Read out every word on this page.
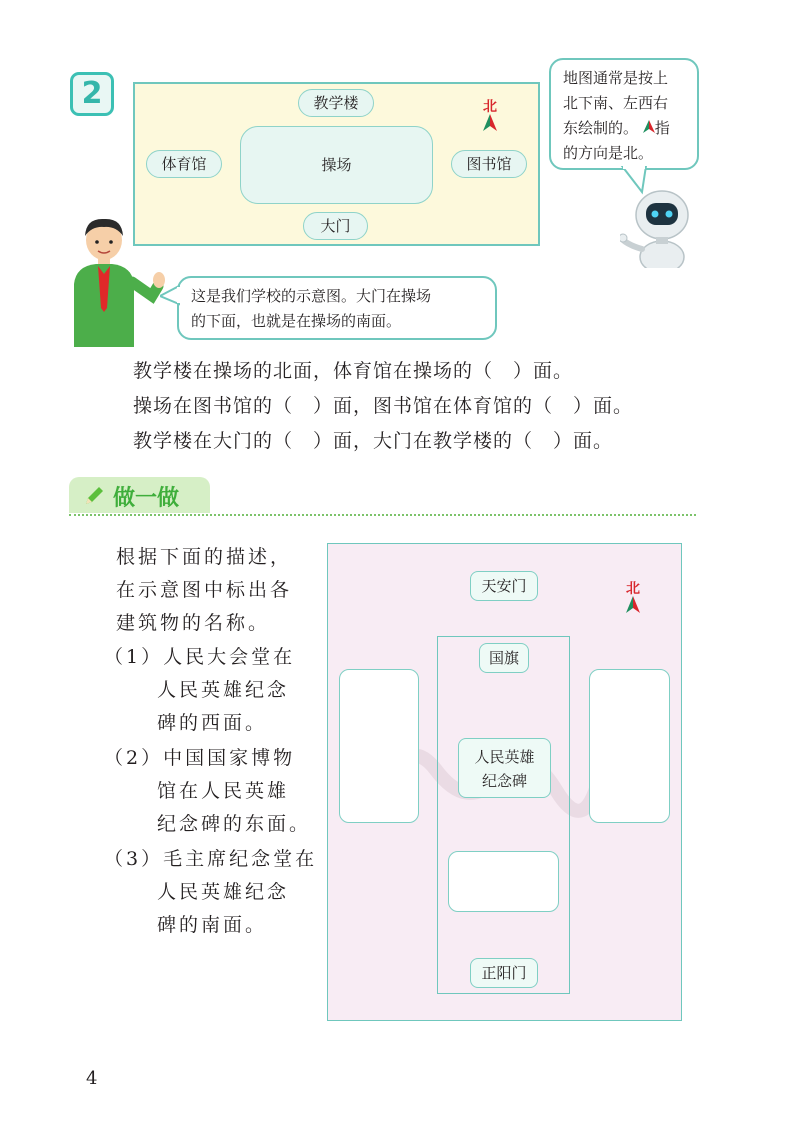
2	教学楼
操场
体育馆	图书馆
大门
北
地图通常是按上
北下南、左西右
东绘制的。 指
的方向是北。
这是我们学校的示意图。大门在操场
的下面，也就是在操场的南面。
教学楼在操场的北面，体育馆在操场的（　）面。
操场在图书馆的（　）面，图书馆在体育馆的（　）面。
教学楼在大门的（　）面，大门在教学楼的（　）面。
做一做
根据下面的描述，
在示意图中标出各
建筑物的名称。
（1）人民大会堂在
人民英雄纪念
碑的西面。
（2）中国国家博物
馆在人民英雄
纪念碑的东面。
（3）毛主席纪念堂在
人民英雄纪念
碑的南面。
天安门	北
国旗
人民英雄
纪念碑
正阳门
4
